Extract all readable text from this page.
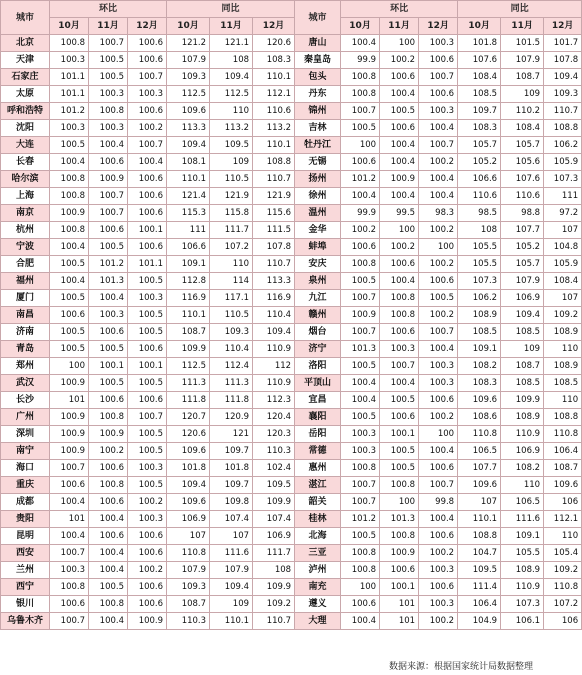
城市	环比			同比			城市	环比			同比		
	10月	11月	12月	10月	11月	12月		10月	11月	12月	10月	11月	12月
北京	100.8	100.7	100.6	121.2	121.1	120.6	唐山	100.4	100	100.3	101.8	101.5	101.7
天津	100.3	100.5	100.6	107.9	108	108.3	秦皇岛	99.9	100.2	100.6	107.6	107.9	107.8
石家庄	101.1	100.5	100.7	109.3	109.4	110.1	包头	100.8	100.6	100.7	108.4	108.7	109.4
太原	101.1	100.3	100.3	112.5	112.5	112.1	丹东	100.8	100.4	100.6	108.5	109	109.3
呼和浩特	101.2	100.8	100.6	109.6	110	110.6	锦州	100.7	100.5	100.3	109.7	110.2	110.7
沈阳	100.3	100.3	100.2	113.3	113.2	113.2	吉林	100.5	100.6	100.4	108.3	108.4	108.8
大连	100.5	100.4	100.7	109.4	109.5	110.1	牡丹江	100	100.4	100.7	105.7	105.7	106.2
长春	100.4	100.6	100.4	108.1	109	108.8	无锡	100.6	100.4	100.2	105.2	105.6	105.9
哈尔滨	100.8	100.9	100.6	110.1	110.5	110.7	扬州	101.2	100.9	100.4	106.6	107.6	107.3
上海	100.8	100.7	100.6	121.4	121.9	121.9	徐州	100.4	100.4	100.4	110.6	110.6	111
南京	100.9	100.7	100.6	115.3	115.8	115.6	温州	99.9	99.5	98.3	98.5	98.8	97.2
杭州	100.8	100.6	100.1	111	111.7	111.5	金华	100.2	100	100.2	108	107.7	107
宁波	100.4	100.5	100.6	106.6	107.2	107.8	蚌埠	100.6	100.2	100	105.5	105.2	104.8
合肥	100.5	101.2	101.1	109.1	110	110.7	安庆	100.8	100.6	100.2	105.5	105.7	105.9
福州	100.4	101.3	100.5	112.8	114	113.3	泉州	100.5	100.4	100.6	107.3	107.9	108.4
厦门	100.5	100.4	100.3	116.9	117.1	116.9	九江	100.7	100.8	100.5	106.2	106.9	107
南昌	100.6	100.3	100.5	110.1	110.5	110.4	赣州	100.9	100.8	100.2	108.9	109.4	109.2
济南	100.5	100.6	100.5	108.7	109.3	109.4	烟台	100.7	100.6	100.7	108.5	108.5	108.9
青岛	100.5	100.5	100.6	109.9	110.4	110.9	济宁	101.3	100.3	100.4	109.1	109	110
郑州	100	100.1	100.1	112.5	112.4	112	洛阳	100.5	100.7	100.3	108.2	108.7	108.9
武汉	100.9	100.5	100.5	111.3	111.3	110.9	平顶山	100.4	100.4	100.3	108.3	108.5	108.5
长沙	101	100.6	100.6	111.8	111.8	112.3	宜昌	100.4	100.5	100.6	109.6	109.9	110
广州	100.9	100.8	100.7	120.7	120.9	120.4	襄阳	100.5	100.6	100.2	108.6	108.9	108.8
深圳	100.9	100.9	100.5	120.6	121	120.3	岳阳	100.3	100.1	100	110.8	110.9	110.8
南宁	100.9	100.2	100.5	109.6	109.7	110.3	常德	100.3	100.5	100.4	106.5	106.9	106.4
海口	100.7	100.6	100.3	101.8	101.8	102.4	惠州	100.8	100.5	100.6	107.7	108.2	108.7
重庆	100.6	100.8	100.5	109.4	109.7	109.5	湛江	100.7	100.8	100.7	109.6	110	109.6
成都	100.4	100.6	100.2	109.6	109.8	109.9	韶关	100.7	100	99.8	107	106.5	106
贵阳	101	100.4	100.3	106.9	107.4	107.4	桂林	101.2	101.3	100.4	110.1	111.6	112.1
昆明	100.4	100.6	100.6	107	107	106.9	北海	100.5	100.8	100.6	108.8	109.1	110
西安	100.7	100.4	100.6	110.8	111.6	111.7	三亚	100.8	100.9	100.2	104.7	105.5	105.4
兰州	100.3	100.4	100.2	107.9	107.9	108	泸州	100.8	100.6	100.3	109.5	108.9	109.2
西宁	100.8	100.5	100.6	109.3	109.4	109.9	南充	100	100.1	100.6	111.4	110.9	110.8
银川	100.6	100.8	100.6	108.7	109	109.2	遵义	100.6	101	100.3	106.4	107.3	107.2
乌鲁木齐	100.7	100.4	100.9	110.3	110.1	110.7	大理	100.4	101	100.2	104.9	106.1	106
数据来源：根据国家统计局数据整理
